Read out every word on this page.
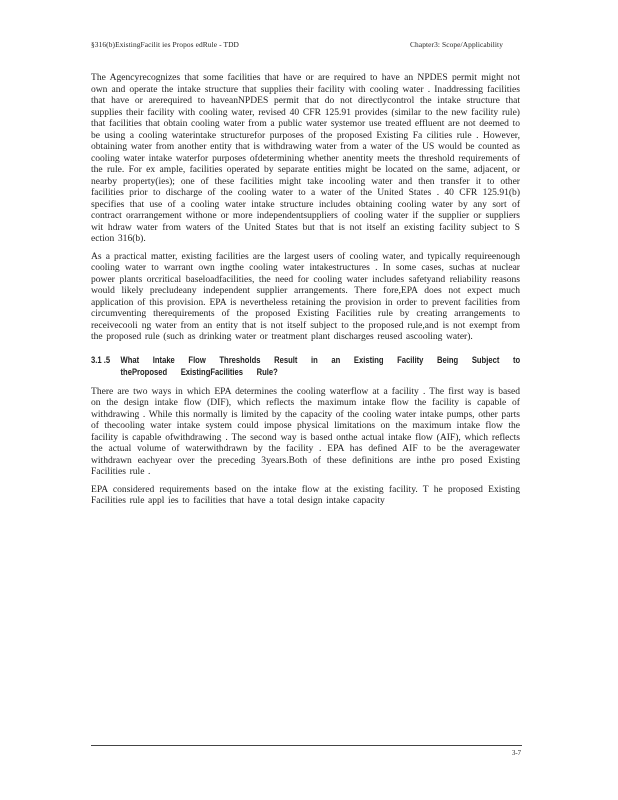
§316(b)ExistingFacilit ies Propos edRule - TDD	Chapter3: Scope/Applicability

The Agencyrecognizes that some facilities that have or are required to have an NPDES permit might not own and operate the intake structure that supplies their facility with cooling water . Inaddressing facilities that have or arerequired to haveanNPDES permit that do not directlycontrol the intake structure that supplies their facility with cooling water, revised 40 CFR 125.91 provides (similar to the new facility rule) that facilities that obtain cooling water from a public water systemor use treated effluent are not deemed to be using a cooling waterintake structurefor purposes of the proposed Existing Fa cilities rule . However, obtaining water from another entity that is withdrawing water from a water of the US would be counted as cooling water intake waterfor purposes ofdetermining whether anentity meets the threshold requirements of the rule. For ex ample, facilities operated by separate entities might be located on the same, adjacent, or nearby property(ies); one of these facilities might take incooling water and then transfer it to other facilities prior to discharge of the cooling water to a water of the United States . 40 CFR 125.91(b) specifies that use of a cooling water intake structure includes obtaining cooling water by any sort of contract orarrangement withone or more independentsuppliers of cooling water if the supplier or suppliers wit hdraw water from waters of the United States but that is not itself an existing facility subject to S ection 316(b).

As a practical matter, existing facilities are the largest users of cooling water, and typically requireenough cooling water to warrant own ingthe cooling water intakestructures . In some cases, suchas at nuclear power plants orcritical baseloadfacilities, the need for cooling water includes safetyand reliability reasons would likely precludeany independent supplier arrangements. There fore,EPA does not expect much application of this provision. EPA is nevertheless retaining the provision in order to prevent facilities from circumventing therequirements of the proposed Existing Facilities rule by creating arrangements to receivecooli ng water from an entity that is not itself subject to the proposed rule,and is not exempt from the proposed rule (such as drinking water or treatment plant discharges reused ascooling water).

3.1 .5	What Intake Flow Thresholds Result in an Existing Facility Being Subject to theProposed ExistingFacilities Rule?

There are two ways in which EPA determines the cooling waterflow at a facility . The first way is based on the design intake flow (DIF), which reflects the maximum intake flow the facility is capable of withdrawing . While this normally is limited by the capacity of the cooling water intake pumps, other parts of thecooling water intake system could impose physical limitations on the maximum intake flow the facility is capable ofwithdrawing . The second way is based onthe actual intake flow (AIF), which reflects the actual volume of waterwithdrawn by the facility . EPA has defined AIF to be the averagewater withdrawn eachyear over the preceding 3years.Both of these definitions are inthe pro posed Existing Facilities rule .

EPA considered requirements based on the intake flow at the existing facility. T he proposed Existing Facilities rule appl ies to facilities that have a total design intake capacity

3-7
